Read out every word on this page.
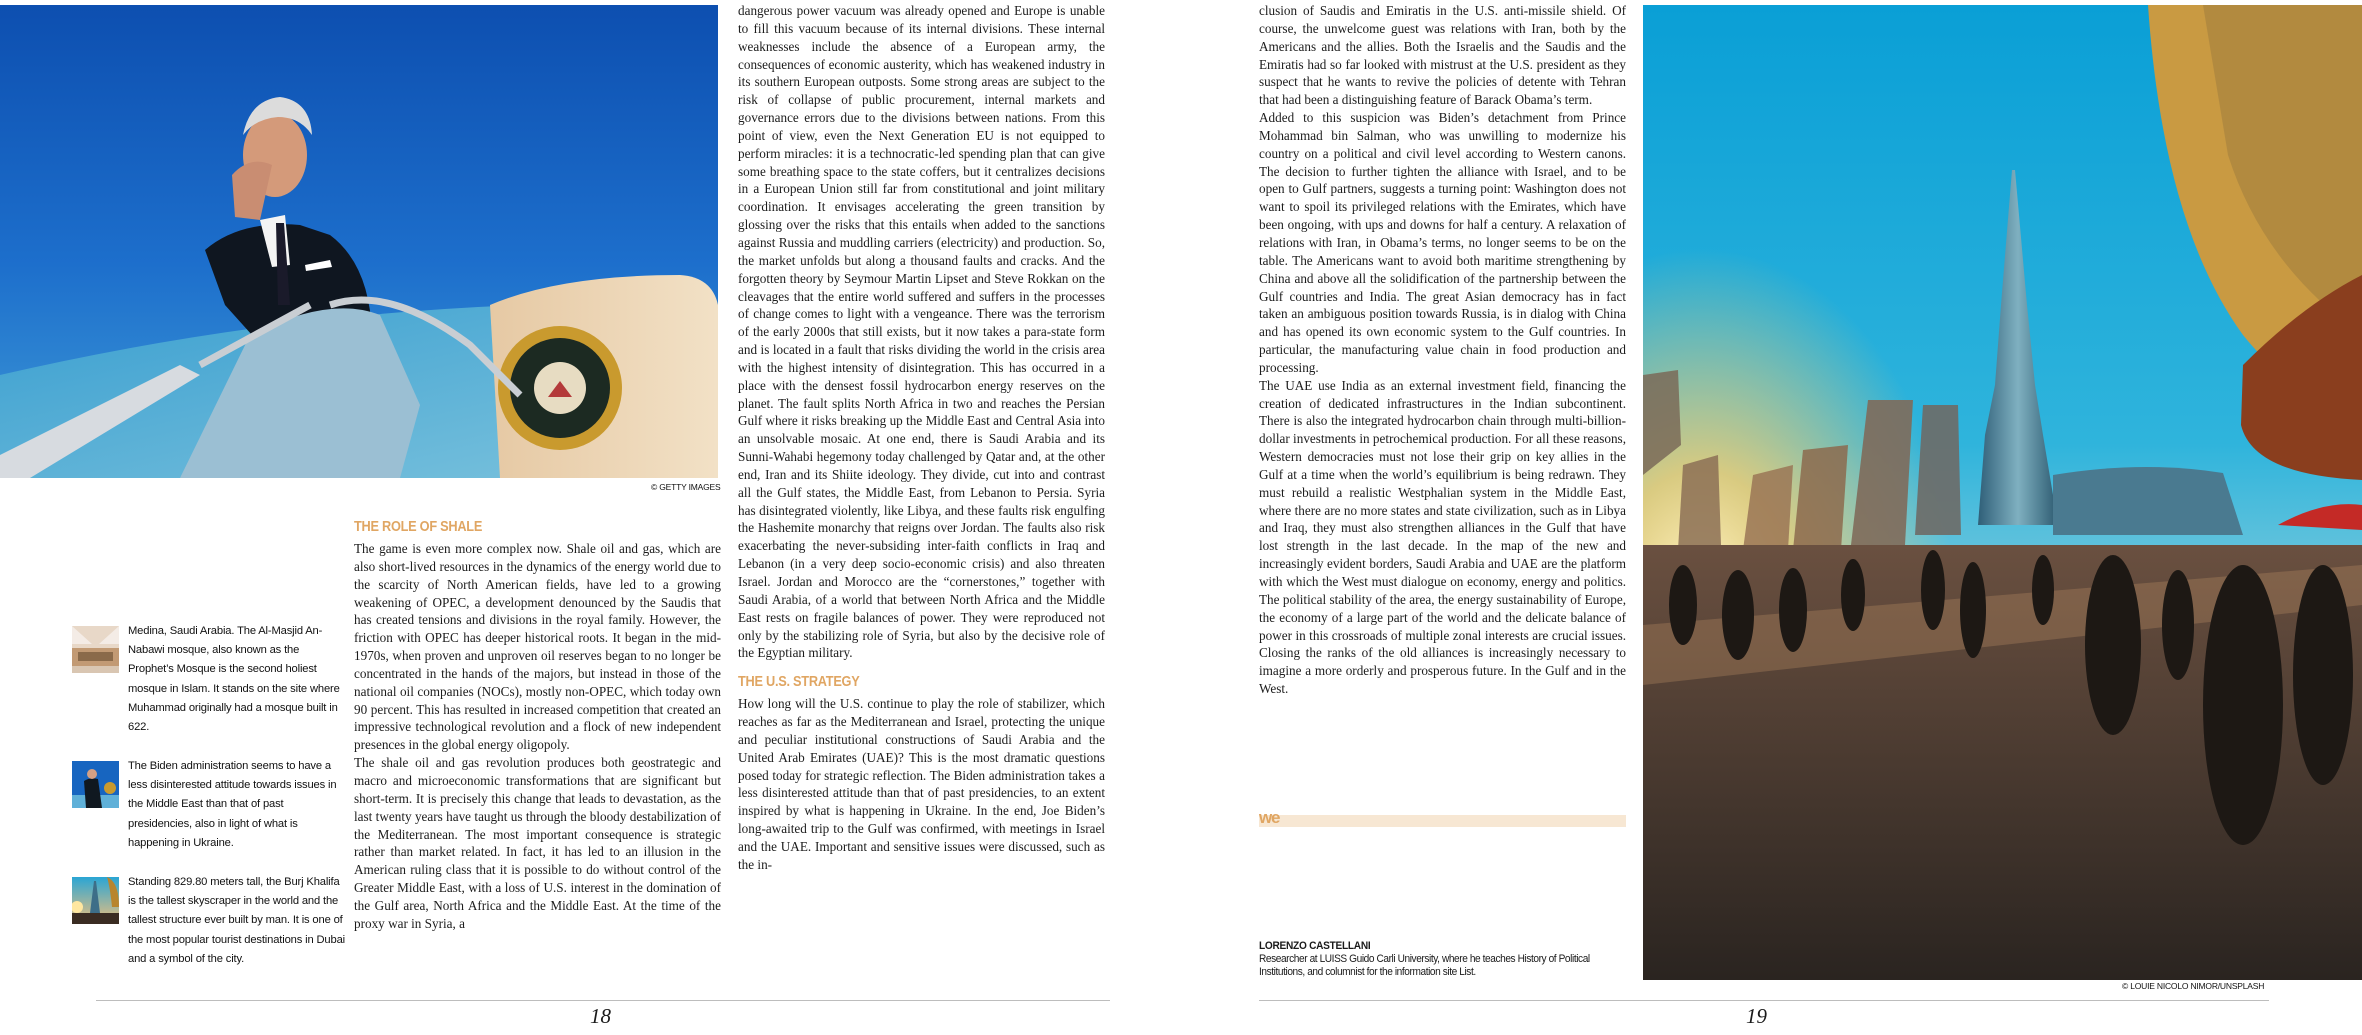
© GETTY IMAGES
Medina, Saudi Arabia. The Al-Masjid An-Nabawi mosque, also known as the Prophet’s Mosque is the second holiest mosque in Islam. It stands on the site where Muhammad originally had a mosque built in 622.
The Biden administration seems to have a less disinterested attitude towards issues in the Middle East than that of past presidencies, also in light of what is happening in Ukraine.
Standing 829.80 meters tall, the Burj Khalifa is the tallest skyscraper in the world and the tallest structure ever built by man. It is one of the most popular tourist destinations in Dubai and a symbol of the city.
THE ROLE OF SHALE

The game is even more complex now. Shale oil and gas, which are also short-lived resources in the dynamics of the energy world due to the scarcity of North American fields, have led to a growing weakening of OPEC, a development denounced by the Saudis that has created tensions and divisions in the royal family. However, the friction with OPEC has deeper historical roots. It began in the mid-1970s, when proven and unproven oil reserves began to no longer be concentrated in the hands of the majors, but instead in those of the national oil companies (NOCs), mostly non-OPEC, which today own 90 percent. This has resulted in increased competition that created an impressive technological revolution and a flock of new independent presences in the global energy oligopoly.

The shale oil and gas revolution produces both geostrategic and macro and microeconomic transformations that are significant but short-term. It is precisely this change that leads to devastation, as the last twenty years have taught us through the bloody destabilization of the Mediterranean. The most important consequence is strategic rather than market related. In fact, it has led to an illusion in the American ruling class that it is possible to do without control of the Greater Middle East, with a loss of U.S. interest in the domination of the Gulf area, North Africa and the Middle East. At the time of the proxy war in Syria, a

dangerous power vacuum was already opened and Europe is unable to fill this vacuum because of its internal divisions. These internal weaknesses include the absence of a European army, the consequences of economic austerity, which has weakened industry in its southern European outposts. Some strong areas are subject to the risk of collapse of public procurement, internal markets and governance errors due to the divisions between nations. From this point of view, even the Next Generation EU is not equipped to perform miracles: it is a technocratic-led spending plan that can give some breathing space to the state coffers, but it centralizes decisions in a European Union still far from constitutional and joint military coordination. It envisages accelerating the green transition by glossing over the risks that this entails when added to the sanctions against Russia and muddling carriers (electricity) and production. So, the market unfolds but along a thousand faults and cracks. And the forgotten theory by Seymour Martin Lipset and Steve Rokkan on the cleavages that the entire world suffered and suffers in the processes of change comes to light with a vengeance. There was the terrorism of the early 2000s that still exists, but it now takes a para-state form and is located in a fault that risks dividing the world in the crisis area with the highest intensity of disintegration. This has occurred in a place with the densest fossil hydrocarbon energy reserves on the planet. The fault splits North Africa in two and reaches the Persian Gulf where it risks breaking up the Middle East and Central Asia into an unsolvable mosaic. At one end, there is Saudi Arabia and its Sunni-Wahabi hegemony today challenged by Qatar and, at the other end, Iran and its Shiite ideology. They divide, cut into and contrast all the Gulf states, the Middle East, from Lebanon to Persia. Syria has disintegrated violently, like Libya, and these faults risk engulfing the Hashemite monarchy that reigns over Jordan. The faults also risk exacerbating the never-subsiding inter-faith conflicts in Iraq and Lebanon (in a very deep socio-economic crisis) and also threaten Israel. Jordan and Morocco are the “cornerstones,” together with Saudi Arabia, of a world that between North Africa and the Middle East rests on fragile balances of power. They were reproduced not only by the stabilizing role of Syria, but also by the decisive role of the Egyptian military.

THE U.S. STRATEGY

How long will the U.S. continue to play the role of stabilizer, which reaches as far as the Mediterranean and Israel, protecting the unique and peculiar institutional constructions of Saudi Arabia and the United Arab Emirates (UAE)? This is the most dramatic questions posed today for strategic reflection. The Biden administration takes a less disinterested attitude than that of past presidencies, to an extent inspired by what is happening in Ukraine. In the end, Joe Biden’s long-awaited trip to the Gulf was confirmed, with meetings in Israel and the UAE. Important and sensitive issues were discussed, such as the in-

18

clusion of Saudis and Emiratis in the U.S. anti-missile shield. Of course, the unwelcome guest was relations with Iran, both by the Americans and the allies. Both the Israelis and the Saudis and the Emiratis had so far looked with mistrust at the U.S. president as they suspect that he wants to revive the policies of detente with Tehran that had been a distinguishing feature of Barack Obama’s term.

Added to this suspicion was Biden’s detachment from Prince Mohammad bin Salman, who was unwilling to modernize his country on a political and civil level according to Western canons. The decision to further tighten the alliance with Israel, and to be open to Gulf partners, suggests a turning point: Washington does not want to spoil its privileged relations with the Emirates, which have been ongoing, with ups and downs for half a century. A relaxation of relations with Iran, in Obama’s terms, no longer seems to be on the table. The Americans want to avoid both maritime strengthening by China and above all the solidification of the partnership between the Gulf countries and India. The great Asian democracy has in fact taken an ambiguous position towards Russia, is in dialog with China and has opened its own economic system to the Gulf countries. In particular, the manufacturing value chain in food production and processing.

The UAE use India as an external investment field, financing the creation of dedicated infrastructures in the Indian subcontinent. There is also the integrated hydrocarbon chain through multi-billion-dollar investments in petrochemical production. For all these reasons, Western democracies must not lose their grip on key allies in the Gulf at a time when the world’s equilibrium is being redrawn. They must rebuild a realistic Westphalian system in the Middle East, where there are no more states and state civilization, such as in Libya and Iraq, they must also strengthen alliances in the Gulf that have lost strength in the last decade. In the map of the new and increasingly evident borders, Saudi Arabia and UAE are the platform with which the West must dialogue on economy, energy and politics. The political stability of the area, the energy sustainability of Europe, the economy of a large part of the world and the delicate balance of power in this crossroads of multiple zonal interests are crucial issues. Closing the ranks of the old alliances is increasingly necessary to imagine a more orderly and prosperous future. In the Gulf and in the West.

we
LORENZO CASTELLANI
Researcher at LUISS Guido Carli University, where he teaches History of Political Institutions, and columnist for the information site List.
© LOUIE NICOLO NIMOR/UNSPLASH
19
